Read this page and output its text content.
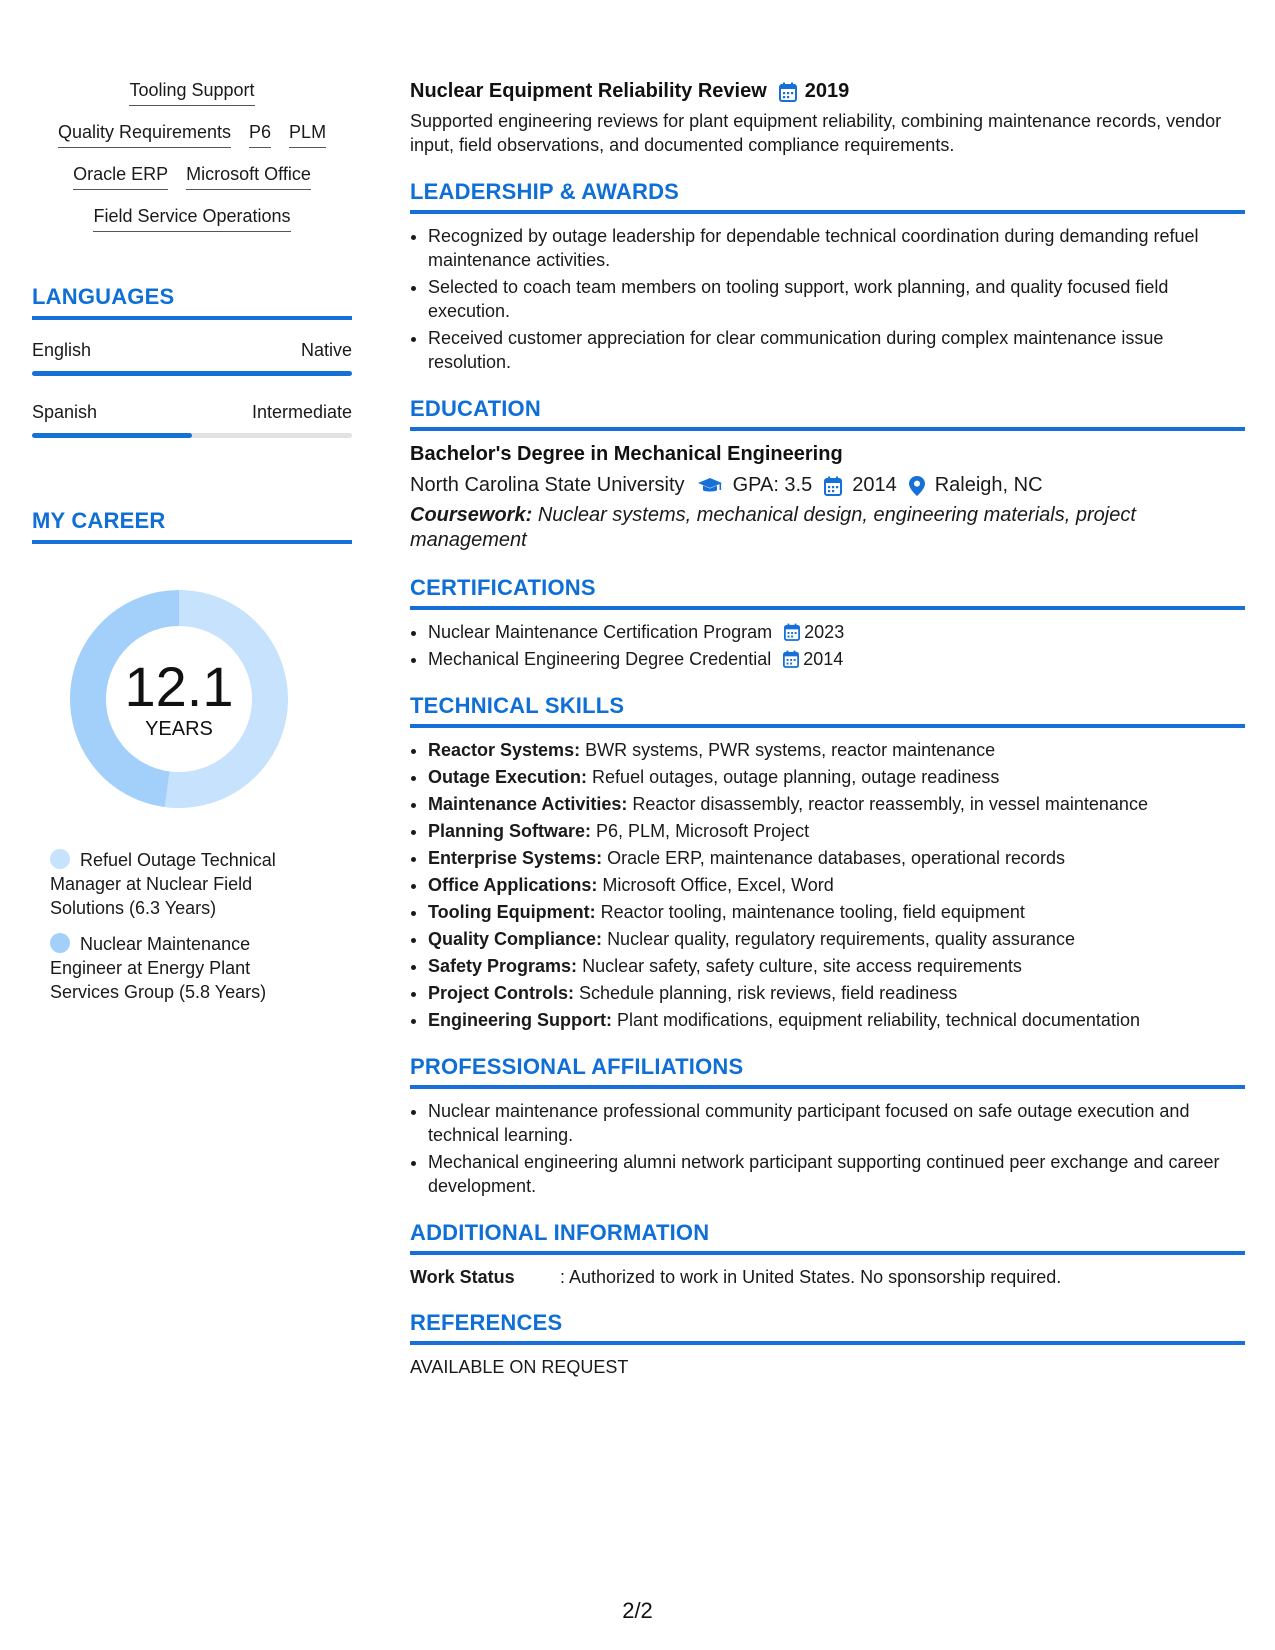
Tooling Support
Quality Requirements P6 PLM
Oracle ERP Microsoft Office
Field Service Operations
LANGUAGES
English	Native
Spanish	Intermediate
MY CAREER
12.1
YEARS
Refuel Outage Technical Manager at Nuclear Field Solutions (6.3 Years)
Nuclear Maintenance Engineer at Energy Plant Services Group (5.8 Years)
Nuclear Equipment Reliability Review 2019
Supported engineering reviews for plant equipment reliability, combining maintenance records, vendor input, field observations, and documented compliance requirements.
LEADERSHIP & AWARDS
• Recognized by outage leadership for dependable technical coordination during demanding refuel maintenance activities.
• Selected to coach team members on tooling support, work planning, and quality focused field execution.
• Received customer appreciation for clear communication during complex maintenance issue resolution.
EDUCATION
Bachelor's Degree in Mechanical Engineering
North Carolina State University GPA: 3.5 2014 Raleigh, NC
Coursework: Nuclear systems, mechanical design, engineering materials, project management
CERTIFICATIONS
• Nuclear Maintenance Certification Program 2023
• Mechanical Engineering Degree Credential 2014
TECHNICAL SKILLS
• Reactor Systems: BWR systems, PWR systems, reactor maintenance
• Outage Execution: Refuel outages, outage planning, outage readiness
• Maintenance Activities: Reactor disassembly, reactor reassembly, in vessel maintenance
• Planning Software: P6, PLM, Microsoft Project
• Enterprise Systems: Oracle ERP, maintenance databases, operational records
• Office Applications: Microsoft Office, Excel, Word
• Tooling Equipment: Reactor tooling, maintenance tooling, field equipment
• Quality Compliance: Nuclear quality, regulatory requirements, quality assurance
• Safety Programs: Nuclear safety, safety culture, site access requirements
• Project Controls: Schedule planning, risk reviews, field readiness
• Engineering Support: Plant modifications, equipment reliability, technical documentation
PROFESSIONAL AFFILIATIONS
• Nuclear maintenance professional community participant focused on safe outage execution and technical learning.
• Mechanical engineering alumni network participant supporting continued peer exchange and career development.
ADDITIONAL INFORMATION
Work Status	: Authorized to work in United States. No sponsorship required.
REFERENCES
AVAILABLE ON REQUEST
2/2
